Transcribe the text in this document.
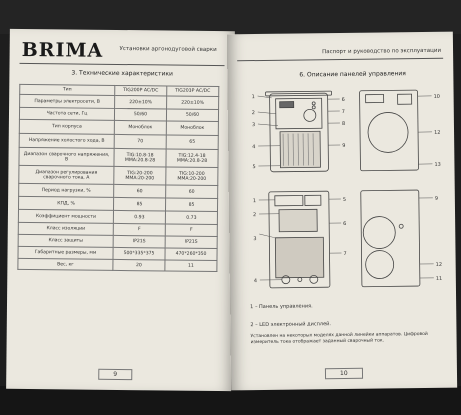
BRIMA	Установки аргонодуговой сварки
3. Технические характеристики
Тип	TIG200P AC/DC	TIG203P AC/DC
Параметры электросети, В	220±10%	220±10%
Частота сети, Гц	50/60	50/60
Тип корпуса	Моноблок	Моноблок
Напряжение холостого хода, В	70	65
Диапазон сварочного напряжения, В	TIG:10.8-18 MMA:20.8-28	TIG:12.4-18 MMA:20.8-28
Диапазон регулирования сварочного тока, А	TIG:20-200 MMA:20-200	TIG:10-200 MMA:20-200
Период нагрузки, %	60	60
КПД, %	85	85
Коэффициент мощности	0.93	0.73
Класс изоляции	F	F
Класс защиты	IP21S	IP21S
Габаритные размеры, мм	500*335*375	470*260*350
Вес, кг	20	11
9
Паспорт и руководство по эксплуатации
6. Описание панелей управления
1
2
3
4
5
6
7
8
9
10
12
13
1
2
3
4
5
6
7
9
12
11
1 – Панель управления.
2 – LED электронный дисплей.
Установлен на некоторых моделях данной линейки аппаратов. Цифровой
измеритель тока отображает заданный сварочный ток.
10
